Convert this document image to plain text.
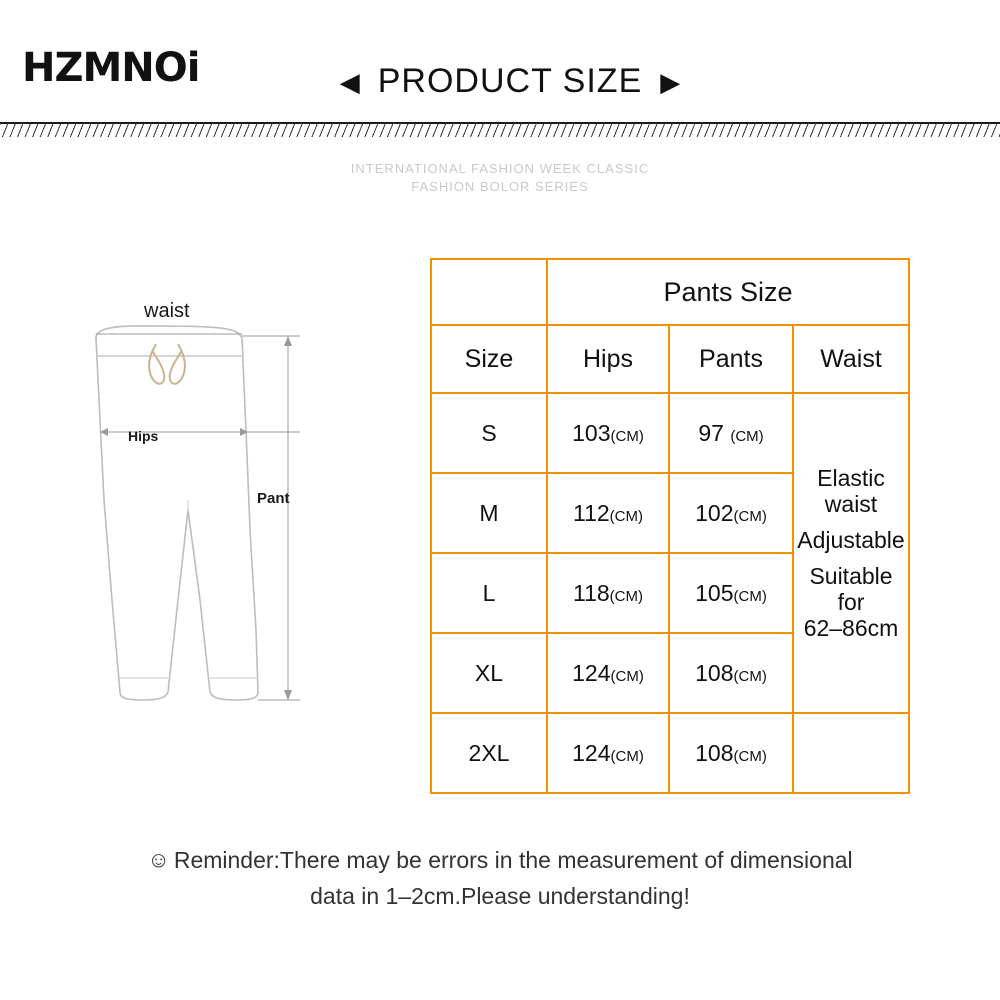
HZMNOi	◀ PRODUCT SIZE ▶
INTERNATIONAL FASHION WEEK CLASSIC
FASHION BOLOR SERIES
waist
Hips
Pant
	Pants Size		
Size	Hips	Pants	Waist
S	103(CM)	97 (CM)	
Elastic
waist
Adjustable
Suitable
for
62–86cm

M	112(CM)	102(CM)	
L	118(CM)	105(CM)	
XL	124(CM)	108(CM)	
2XL	124(CM)	108(CM)	
☺ Reminder:There may be errors in the measurement of dimensional
data in 1–2cm.Please understanding!
